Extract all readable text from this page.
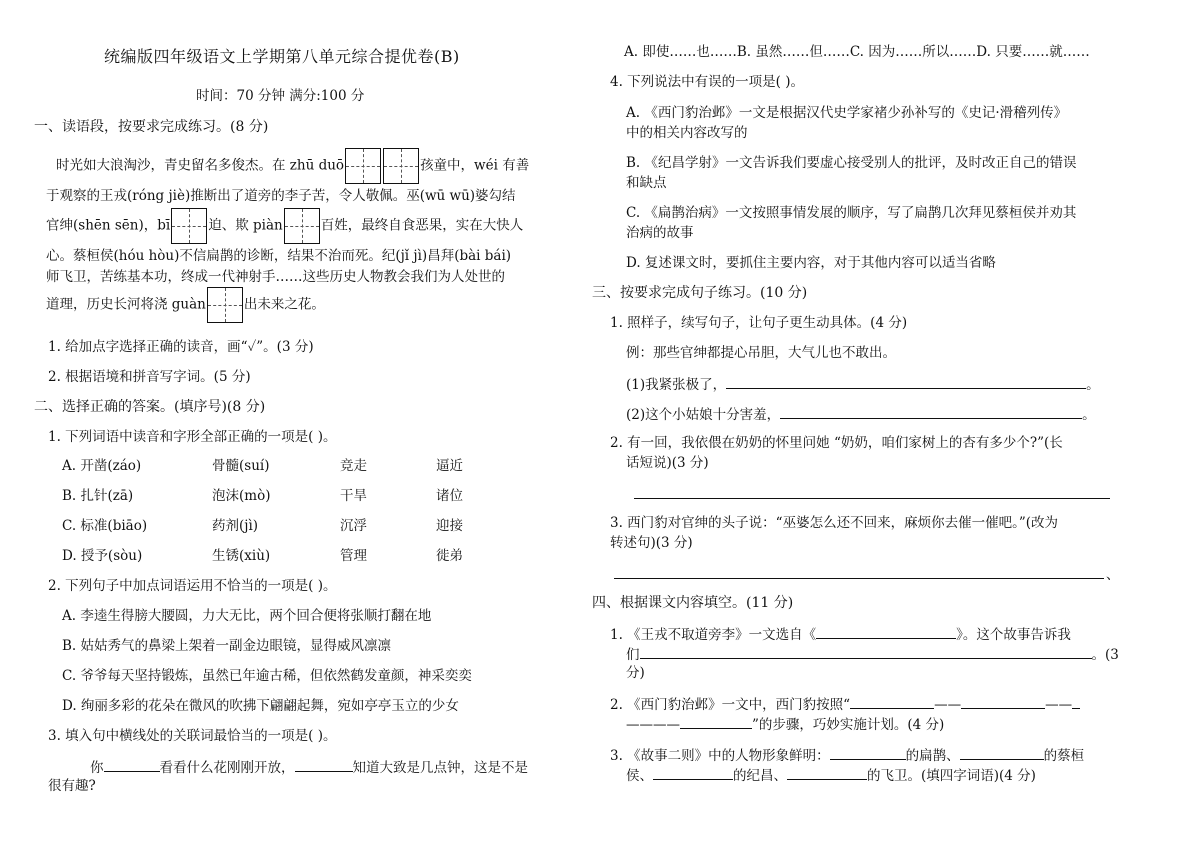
统编版四年级语文上学期第八单元综合提优卷(B)
时间：70 分钟 满分:100 分
一、读语段，按要求完成练习。(8 分)
时光如大浪淘沙，青史留名多俊杰。在 zhū duō	孩童中，wéi 有善
于观察的王戎(róng jiè)推断出了道旁的李子苦，令人敬佩。巫(wū wū)婆勾结
官绅(shēn sēn)，bī	迫、欺 piàn	百姓，最终自食恶果，实在大快人
心。蔡桓侯(hóu hòu)不信扁鹊的诊断，结果不治而死。纪(jǐ jì)昌拜(bài bái)
师飞卫，苦练基本功，终成一代神射手……这些历史人物教会我们为人处世的
道理，历史长河将浇 guàn	出未来之花。
1. 给加点字选择正确的读音，画“✓”。(3 分)
2. 根据语境和拼音写字词。(5 分)
二、选择正确的答案。(填序号)(8 分)
1. 下列词语中读音和字形全部正确的一项是( )。
A. 开凿(záo)	骨髓(suí)	竞走	逼近
B. 扎针(zā)	泡沫(mò)	干旱	诸位
C. 标准(biāo)	药剂(jì)	沉浮	迎接
D. 授予(sòu)	生锈(xiù)	管理	徙弟
2. 下列句子中加点词语运用不恰当的一项是( )。
A. 李逵生得膀大腰圆，力大无比，两个回合便将张顺打翻在地
B. 姑姑秀气的鼻梁上架着一副金边眼镜，显得威风凛凛
C. 爷爷每天坚持锻炼，虽然已年逾古稀，但依然鹤发童颜，神采奕奕
D. 绚丽多彩的花朵在微风的吹拂下翩翩起舞，宛如亭亭玉立的少女
3. 填入句中横线处的关联词最恰当的一项是( )。
你	看看什么花刚刚开放，	知道大致是几点钟，这是不是
很有趣?
A. 即使……也……B. 虽然……但……C. 因为……所以……D. 只要……就……
4. 下列说法中有误的一项是( )。
A. 《西门豹治邺》一文是根据汉代史学家褚少孙补写的《史记·滑稽列传》
中的相关内容改写的
B. 《纪昌学射》一文告诉我们要虚心接受别人的批评，及时改正自己的错误
和缺点
C. 《扁鹊治病》一文按照事情发展的顺序，写了扁鹊几次拜见蔡桓侯并劝其
治病的故事
D. 复述课文时，要抓住主要内容，对于其他内容可以适当省略
三、按要求完成句子练习。(10 分)
1. 照样子，续写句子，让句子更生动具体。(4 分)
例：那些官绅都提心吊胆，大气儿也不敢出。
(1)我紧张极了，	。
(2)这个小姑娘十分害羞，	。
2. 有一回，我依偎在奶奶的怀里问她 “奶奶，咱们家树上的杏有多少个?”(长
话短说)(3 分)
3. 西门豹对官绅的头子说：“巫婆怎么还不回来，麻烦你去催一催吧。”(改为
转述句)(3 分)
、
四、根据课文内容填空。(11 分)
1. 《王戎不取道旁李》一文选自《	》。这个故事告诉我
们	。(3
分)
2. 《西门豹治邺》一文中，西门豹按照“	——	——
————	”的步骤，巧妙实施计划。(4 分)
3. 《故事二则》中的人物形象鲜明：	的扁鹊、	的蔡桓
侯、	的纪昌、	的飞卫。(填四字词语)(4 分)
